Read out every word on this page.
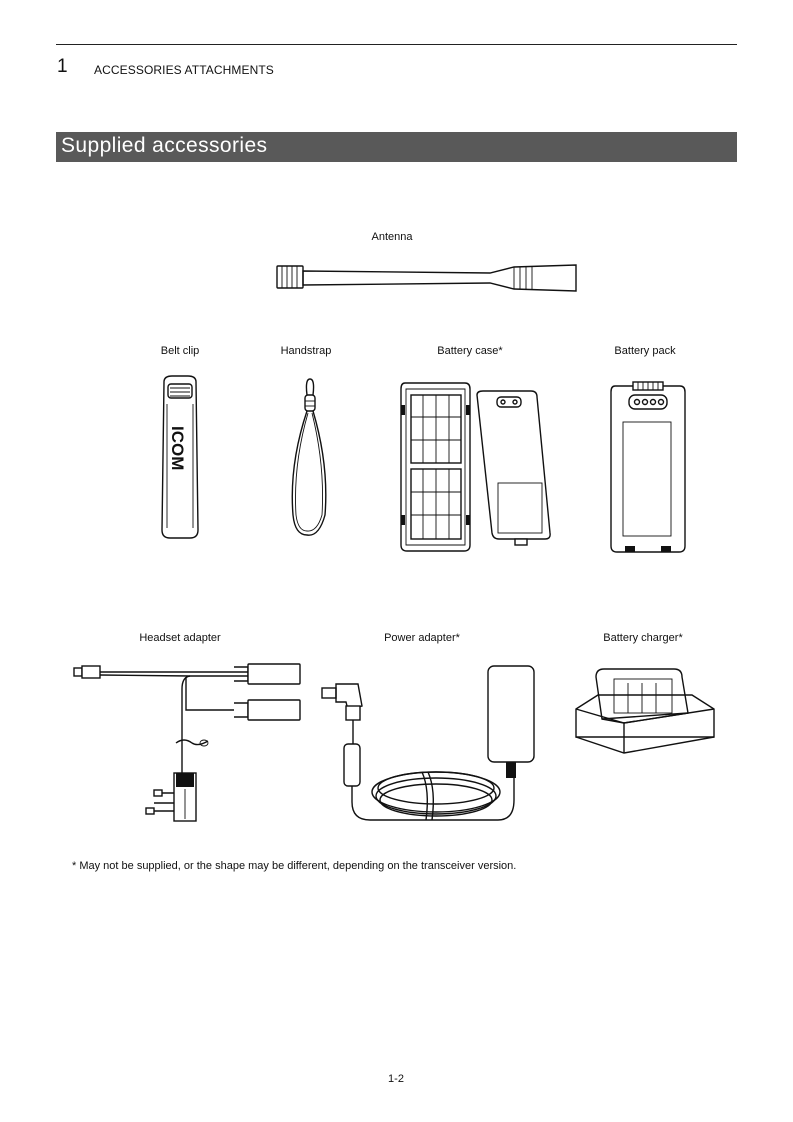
1 ACCESSORIES ATTACHMENTS
Supplied accessories
Antenna
Belt clip	Handstrap	Battery case*	Battery pack
Headset adapter	Power adapter*	Battery charger*
ICOM
* May not be supplied, or the shape may be different, depending on the transceiver version.
1-2
